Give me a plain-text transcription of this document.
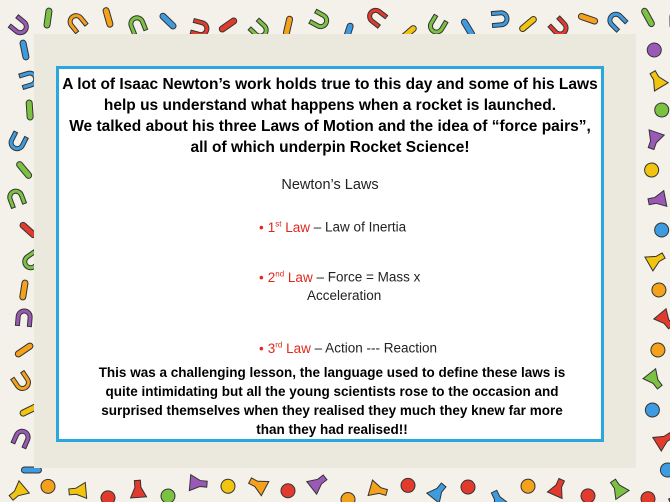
A lot of Isaac Newton’s work holds true to this day and some of his Laws
help us understand what happens when a rocket is launched.
We talked about his three Laws of Motion and the idea of “force pairs”,
all of which underpin Rocket Science!
Newton’s Laws
• 1st Law – Law of Inertia
• 2nd Law – Force = Mass x
Acceleration
• 3rd Law – Action --- Reaction
This was a challenging lesson, the language used to define these laws is
quite intimidating but all the young scientists rose to the occasion and
surprised themselves when they realised they much they knew far more
than they had realised!!
